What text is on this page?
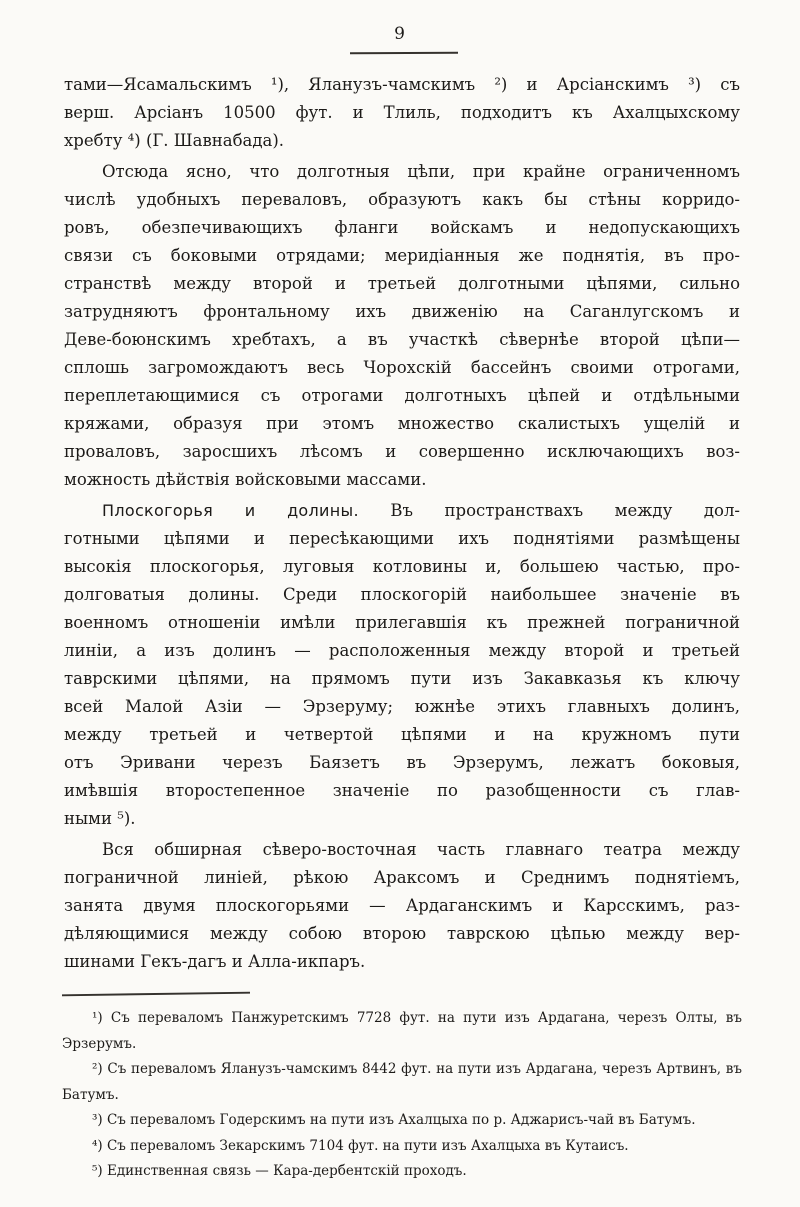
9
тами—Ясамальскимъ ¹), Яланузъ-чамскимъ ²) и Арсіанскимъ ³) съ
верш. Арсіанъ 10500 фут. и Тлиль, подходитъ къ Ахалцыхскому
хребту ⁴) (Г. Шавнабада).
Отсюда ясно, что долготныя цѣпи, при крайне ограниченномъ
числѣ удобныхъ переваловъ, образуютъ какъ бы стѣны корридо-
ровъ, обезпечивающихъ фланги войскамъ и недопускающихъ
связи съ боковыми отрядами; меридіанныя же поднятія, въ про-
странствѣ между второй и третьей долготными цѣпями, сильно
затрудняютъ фронтальному ихъ движенію на Саганлугскомъ и
Деве-боюнскимъ хребтахъ, а въ участкѣ сѣвернѣе второй цѣпи—
сплошь загромождаютъ весь Чорохскій бассейнъ своими отрогами,
переплетающимися съ отрогами долготныхъ цѣпей и отдѣльными
кряжами, образуя при этомъ множество скалистыхъ ущелій и
проваловъ, заросшихъ лѣсомъ и совершенно исключающихъ воз-
можность дѣйствія войсковыми массами.
Плоскогорья и долины. Въ пространствахъ между дол-
готными цѣпями и пересѣкающими ихъ поднятіями размѣщены
высокія плоскогорья, луговыя котловины и, большею частью, про-
долговатыя долины. Среди плоскогорій наибольшее значеніе въ
военномъ отношеніи имѣли прилегавшія къ прежней пограничной
линіи, а изъ долинъ — расположенныя между второй и третьей
таврскими цѣпями, на прямомъ пути изъ Закавказья къ ключу
всей Малой Азіи — Эрзеруму; южнѣе этихъ главныхъ долинъ,
между третьей и четвертой цѣпями и на кружномъ пути
отъ Эривани черезъ Баязетъ въ Эрзерумъ, лежатъ боковыя,
имѣвшія второстепенное значеніе по разобщенности съ глав-
ными ⁵).
Вся обширная сѣверо-восточная часть главнаго театра между
пограничной линіей, рѣкою Араксомъ и Среднимъ поднятіемъ,
занята двумя плоскогорьями — Ардаганскимъ и Карсскимъ, раз-
дѣляющимися между собою второю таврскою цѣпью между вер-
шинами Гекъ-дагъ и Алла-икпаръ.
¹) Съ переваломъ Панжуретскимъ 7728 фут. на пути изъ Ардагана, черезъ Олты, въ
Эрзерумъ.
²) Съ переваломъ Яланузъ-чамскимъ 8442 фут. на пути изъ Ардагана, черезъ Артвинъ, въ
Батумъ.
³) Съ переваломъ Годерскимъ на пути изъ Ахалцыха по р. Аджарисъ-чай въ Батумъ.
⁴) Съ переваломъ Зекарскимъ 7104 фут. на пути изъ Ахалцыха въ Кутаисъ.
⁵) Единственная связь — Кара-дербентскій проходъ.
